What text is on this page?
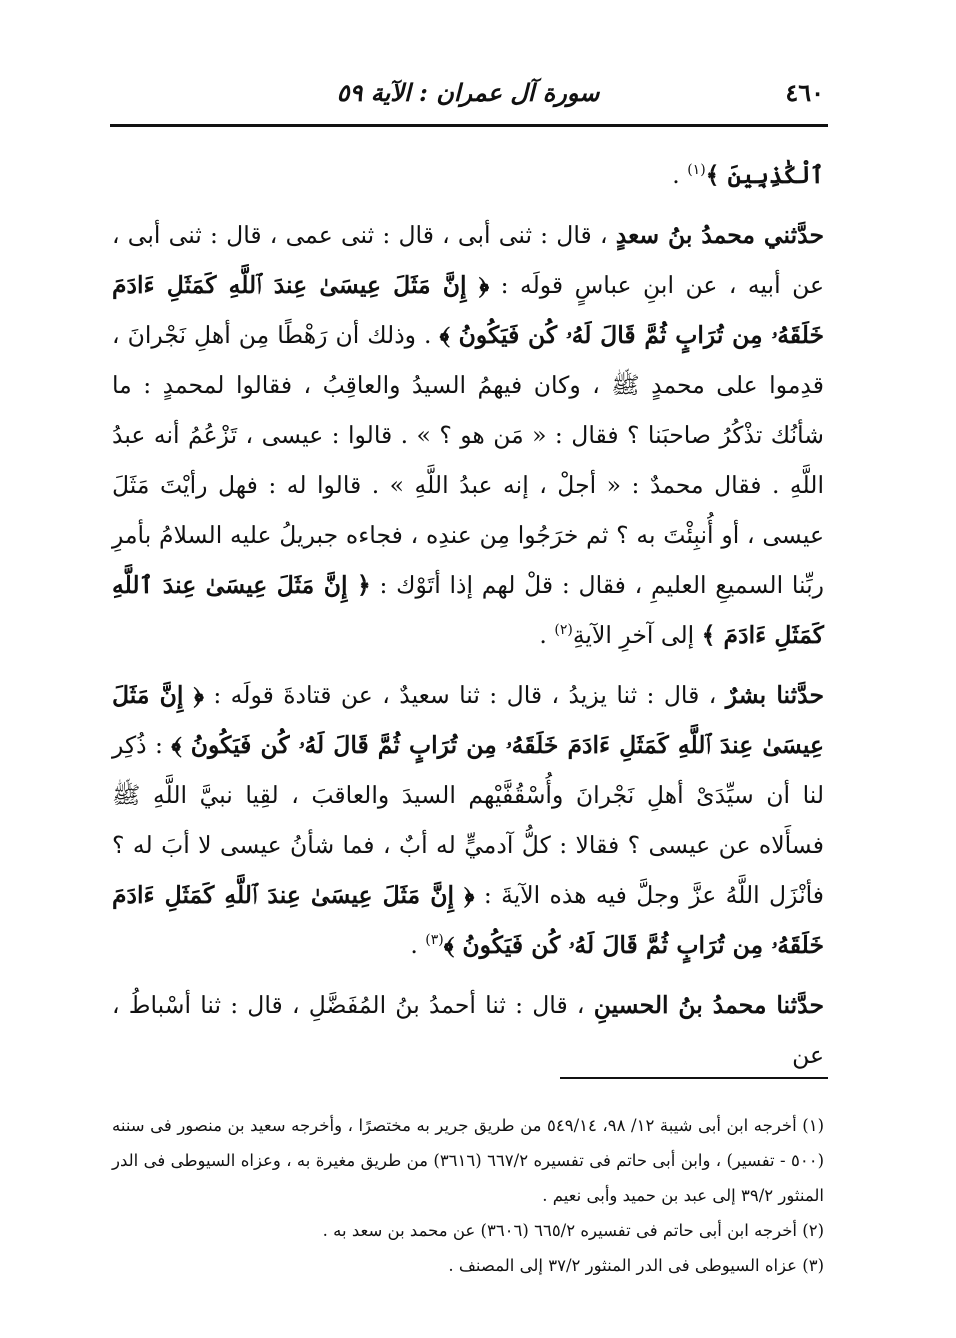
٤٦٠
سورة آل عمران : الآية ٥٩

ٱلْكَٰذِبِينَ ﴾$^{(١)}$ .

حدَّثني محمدُ بنُ سعدٍ ، قال : ثنى أبى ، قال : ثنى عمى ، قال : ثنى أبى ، عن أبيه ، عن ابنِ عباسٍ قولَه : ﴿ إِنَّ مَثَلَ عِيسَىٰ عِندَ ٱللَّهِ كَمَثَلِ ءَادَمَ خَلَقَهُۥ مِن تُرَابٍ ثُمَّ قَالَ لَهُۥ كُن فَيَكُونُ ﴾ . وذلك أن رَهْطًا مِن أهلِ نَجْرانَ ، قدِموا على محمدٍ ﷺ ، وكان فيهمُ السيدُ والعاقِبُ ، فقالوا لمحمدٍ : ما شأنُك تذْكُرُ صاحبَنا ؟ فقال : « مَن هو ؟ » . قالوا : عيسى ، تَزْعُمُ أنه عبدُ اللَّهِ . فقال محمدٌ : « أجلْ ، إنه عبدُ اللَّهِ » . قالوا له : فهل رأيْتَ مَثَلَ عيسى ، أو أُنبِئْتَ به ؟ ثم خرَجُوا مِن عندِه ، فجاءه جبريلُ عليه السلامُ بأمرِ ربِّنا السميعِ العليمِ ، فقال : قلْ لهم إذا أتَوْك : ﴿ إِنَّ مَثَلَ عِيسَىٰ عِندَ ٱللَّهِ كَمَثَلِ ءَادَمَ ﴾ إلى آخرِ الآيةِ$^{(٢)}$ .

حدَّثنا بشرٌ ، قال : ثنا يزيدُ ، قال : ثنا سعيدٌ ، عن قتادةَ قولَه : ﴿ إِنَّ مَثَلَ عِيسَىٰ عِندَ ٱللَّهِ كَمَثَلِ ءَادَمَ خَلَقَهُۥ مِن تُرَابٍ ثُمَّ قَالَ لَهُۥ كُن فَيَكُونُ ﴾ : ذُكِر لنا أن سيِّدَىْ أهلِ نَجْرانَ وأُسْقُفَّيْهم السيدَ والعاقبَ ، لقِيا نبيَّ اللَّهِ ﷺ فسأَلاه عن عيسى ؟ فقالا : كلُّ آدميٍّ له أبٌ ، فما شأنُ عيسى لا أبَ له ؟ فأنْزَل اللَّهُ عزَّ وجلَّ فيه هذه الآيةَ : ﴿ إِنَّ مَثَلَ عِيسَىٰ عِندَ ٱللَّهِ كَمَثَلِ ءَادَمَ خَلَقَهُۥ مِن تُرَابٍ ثُمَّ قَالَ لَهُۥ كُن فَيَكُونُ ﴾$^{(٣)}$ .

حدَّثنا محمدُ بنُ الحسينِ ، قال : ثنا أحمدُ بنُ المُفَضَّلِ ، قال : ثنا أسْباطُ ، عن

(١) أخرجه ابن أبى شيبة ١٢/ ٩٨، ٥٤٩/١٤ من طريق جرير به مختصرًا ، وأخرجه سعيد بن منصور فى سننه (٥٠٠ - تفسير) ، وابن أبى حاتم فى تفسيره ٦٦٧/٢ (٣٦١٦) من طريق مغيرة به ، وعزاه السيوطى فى الدر المنثور ٣٩/٢ إلى عبد بن حميد وأبى نعيم .

(٢) أخرجه ابن أبى حاتم فى تفسيره ٦٦٥/٢ (٣٦٠٦) عن محمد بن سعد به .

(٣) عزاه السيوطى فى الدر المنثور ٣٧/٢ إلى المصنف .
